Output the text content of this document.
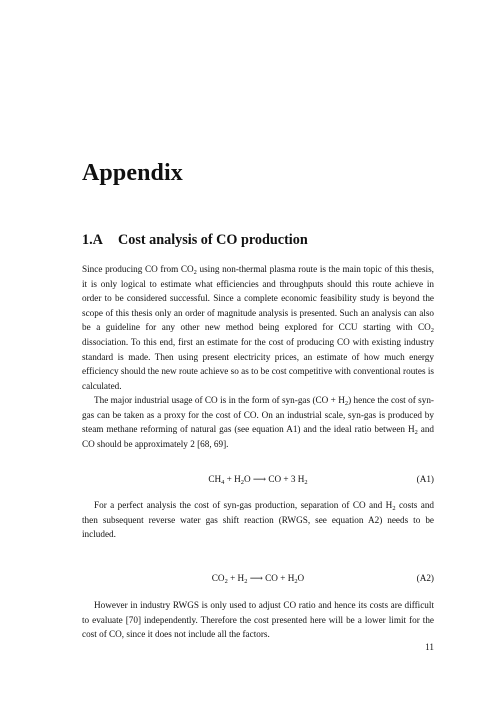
Appendix
1.A Cost analysis of CO production

Since producing CO from $CO_2$ using non-thermal plasma route is the main topic of this thesis, it is only logical to estimate what efficiencies and throughputs should this route achieve in order to be considered successful. Since a complete economic feasibility study is beyond the scope of this thesis only an order of magnitude analysis is presented. Such an analysis can also be a guideline for any other new method being explored for CCU starting with $CO_2$ dissociation. To this end, first an estimate for the cost of producing CO with existing industry standard is made. Then using present electricity prices, an estimate of how much energy efficiency should the new route achieve so as to be cost competitive with conventional routes is calculated.

The major industrial usage of CO is in the form of syn-gas $(CO + H_2)$ hence the cost of syn-gas can be taken as a proxy for the cost of CO. On an industrial scale, syn-gas is produced by steam methane reforming of natural gas (see equation A1) and the ideal ratio between $H_2$ and CO should be approximately 2 [68, 69].

$CH_4 + H_2O$ ⟶ CO + 3 $H_2$	(A1)

For a perfect analysis the cost of syn-gas production, separation of CO and $H_2$ costs and then subsequent reverse water gas shift reaction (RWGS, see equation A2) needs to be included.

$CO_2 + H_2$ ⟶ CO + $H_2O$	(A2)

However in industry RWGS is only used to adjust CO ratio and hence its costs are difficult to evaluate [70] independently. Therefore the cost presented here will be a lower limit for the cost of CO, since it does not include all the factors.

11
